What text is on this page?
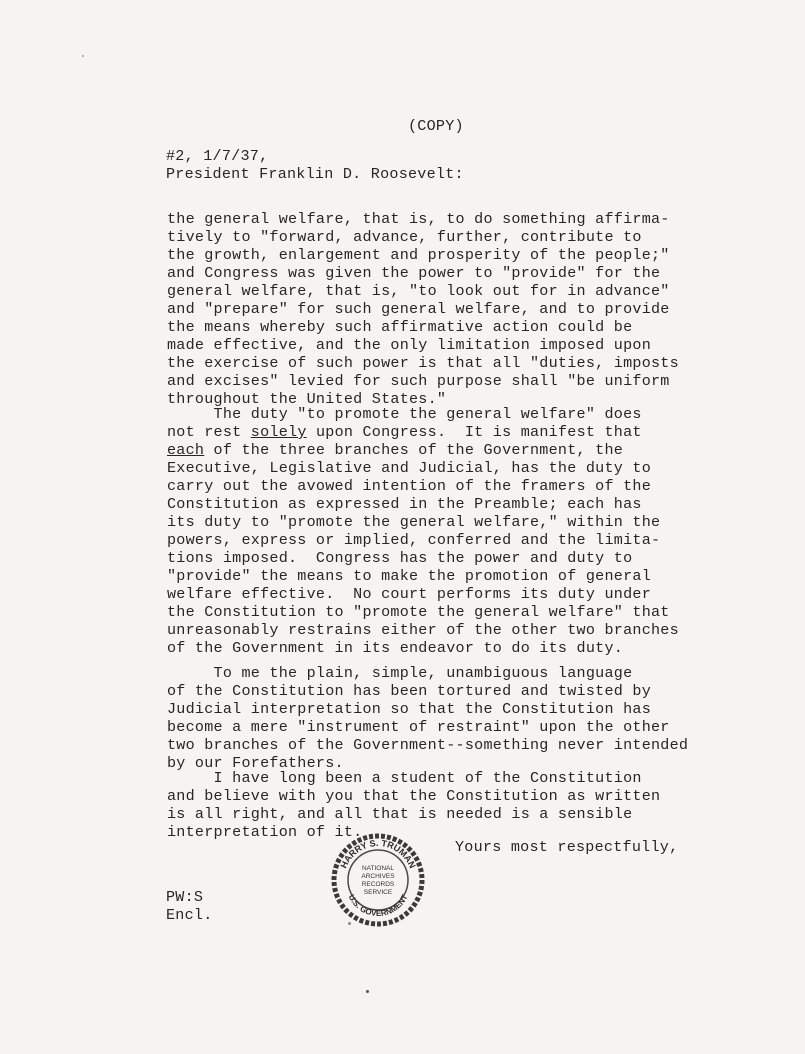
(COPY)
#2, 1/7/37,
President Franklin D. Roosevelt:
the general welfare, that is, to do something affirma-
tively to "forward, advance, further, contribute to
the growth, enlargement and prosperity of the people;"
and Congress was given the power to "provide" for the
general welfare, that is, "to look out for in advance"
and "prepare" for such general welfare, and to provide
the means whereby such affirmative action could be
made effective, and the only limitation imposed upon
the exercise of such power is that all "duties, imposts
and excises" levied for such purpose shall "be uniform
throughout the United States."
The duty "to promote the general welfare" does
not rest solely upon Congress.  It is manifest that
each of the three branches of the Government, the
Executive, Legislative and Judicial, has the duty to
carry out the avowed intention of the framers of the
Constitution as expressed in the Preamble; each has
its duty to "promote the general welfare," within the
powers, express or implied, conferred and the limita-
tions imposed.  Congress has the power and duty to
"provide" the means to make the promotion of general
welfare effective.  No court performs its duty under
the Constitution to "promote the general welfare" that
unreasonably restrains either of the other two branches
of the Government in its endeavor to do its duty.
To me the plain, simple, unambiguous language
of the Constitution has been tortured and twisted by
Judicial interpretation so that the Constitution has
become a mere "instrument of restraint" upon the other
two branches of the Government--something never intended
by our Forefathers.
I have long been a student of the Constitution
and believe with you that the Constitution as written
is all right, and all that is needed is a sensible
interpretation of it.
Yours most respectfully,
HARRY S. TRUMAN
U.S. GOVERNMENT
NATIONAL
ARCHIVES
RECORDS
SERVICE
PW:S
Encl.
